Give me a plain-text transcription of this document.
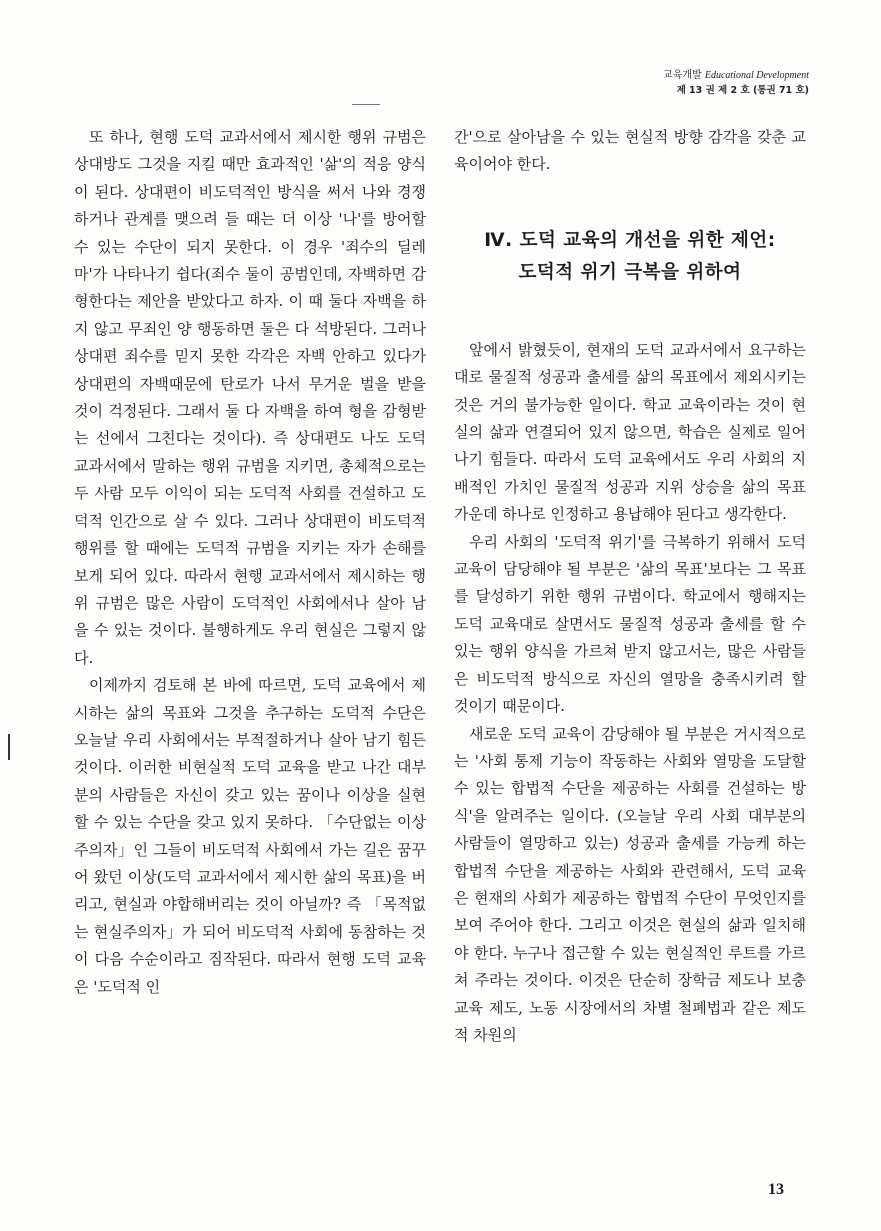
교육개발 Educational Development
제 13 권 제 2 호 (통권 71 호)

또 하나, 현행 도덕 교과서에서 제시한 행위 규범은 상대방도 그것을 지킬 때만 효과적인 '삶'의 적응 양식이 된다. 상대편이 비도덕적인 방식을 써서 나와 경쟁하거나 관계를 맺으려 들 때는 더 이상 '나'를 방어할 수 있는 수단이 되지 못한다. 이 경우 '죄수의 딜레마'가 나타나기 쉽다(죄수 둘이 공범인데, 자백하면 감형한다는 제안을 받았다고 하자. 이 때 둘다 자백을 하지 않고 무죄인 양 행동하면 둘은 다 석방된다. 그러나 상대편 죄수를 믿지 못한 각각은 자백 안하고 있다가 상대편의 자백때문에 탄로가 나서 무거운 벌을 받을 것이 걱정된다. 그래서 둘 다 자백을 하여 형을 감형받는 선에서 그친다는 것이다). 즉 상대편도 나도 도덕 교과서에서 말하는 행위 규범을 지키면, 총체적으로는 두 사람 모두 이익이 되는 도덕적 사회를 건설하고 도덕적 인간으로 살 수 있다. 그러나 상대편이 비도덕적 행위를 할 때에는 도덕적 규범을 지키는 자가 손해를 보게 되어 있다. 따라서 현행 교과서에서 제시하는 행위 규범은 많은 사람이 도덕적인 사회에서나 살아 남을 수 있는 것이다. 불행하게도 우리 현실은 그렇지 않다.

이제까지 검토해 본 바에 따르면, 도덕 교육에서 제시하는 삶의 목표와 그것을 추구하는 도덕적 수단은 오늘날 우리 사회에서는 부적절하거나 살아 남기 힘든 것이다. 이러한 비현실적 도덕 교육을 받고 나간 대부분의 사람들은 자신이 갖고 있는 꿈이나 이상을 실현할 수 있는 수단을 갖고 있지 못하다. 「수단없는 이상주의자」인 그들이 비도덕적 사회에서 가는 길은 꿈꾸어 왔던 이상(도덕 교과서에서 제시한 삶의 목표)을 버리고, 현실과 야합해버리는 것이 아닐까? 즉 「목적없는 현실주의자」가 되어 비도덕적 사회에 동참하는 것이 다음 수순이라고 짐작된다. 따라서 현행 도덕 교육은 '도덕적 인

간'으로 살아남을 수 있는 현실적 방향 감각을 갖춘 교육이어야 한다.

Ⅳ. 도덕 교육의 개선을 위한 제언:
도덕적 위기 극복을 위하여

앞에서 밝혔듯이, 현재의 도덕 교과서에서 요구하는대로 물질적 성공과 출세를 삶의 목표에서 제외시키는 것은 거의 불가능한 일이다. 학교 교육이라는 것이 현실의 삶과 연결되어 있지 않으면, 학습은 실제로 일어나기 힘들다. 따라서 도덕 교육에서도 우리 사회의 지배적인 가치인 물질적 성공과 지위 상승을 삶의 목표 가운데 하나로 인정하고 용납해야 된다고 생각한다.

우리 사회의 '도덕적 위기'를 극복하기 위해서 도덕 교육이 담당해야 될 부분은 '삶의 목표'보다는 그 목표를 달성하기 위한 행위 규범이다. 학교에서 행해지는 도덕 교육대로 살면서도 물질적 성공과 출세를 할 수 있는 행위 양식을 가르쳐 받지 않고서는, 많은 사람들은 비도덕적 방식으로 자신의 열망을 충족시키려 할 것이기 때문이다.

새로운 도덕 교육이 감당해야 될 부분은 거시적으로는 '사회 통제 기능이 작동하는 사회와 열망을 도달할 수 있는 합법적 수단을 제공하는 사회를 건설하는 방식'을 알려주는 일이다. (오늘날 우리 사회 대부분의 사람들이 열망하고 있는) 성공과 출세를 가능케 하는 합법적 수단을 제공하는 사회와 관련해서, 도덕 교육은 현재의 사회가 제공하는 합법적 수단이 무엇인지를 보여 주어야 한다. 그리고 이것은 현실의 삶과 일치해야 한다. 누구나 접근할 수 있는 현실적인 루트를 가르쳐 주라는 것이다. 이것은 단순히 장학금 제도나 보충 교육 제도, 노동 시장에서의 차별 철폐법과 같은 제도적 차원의

13
